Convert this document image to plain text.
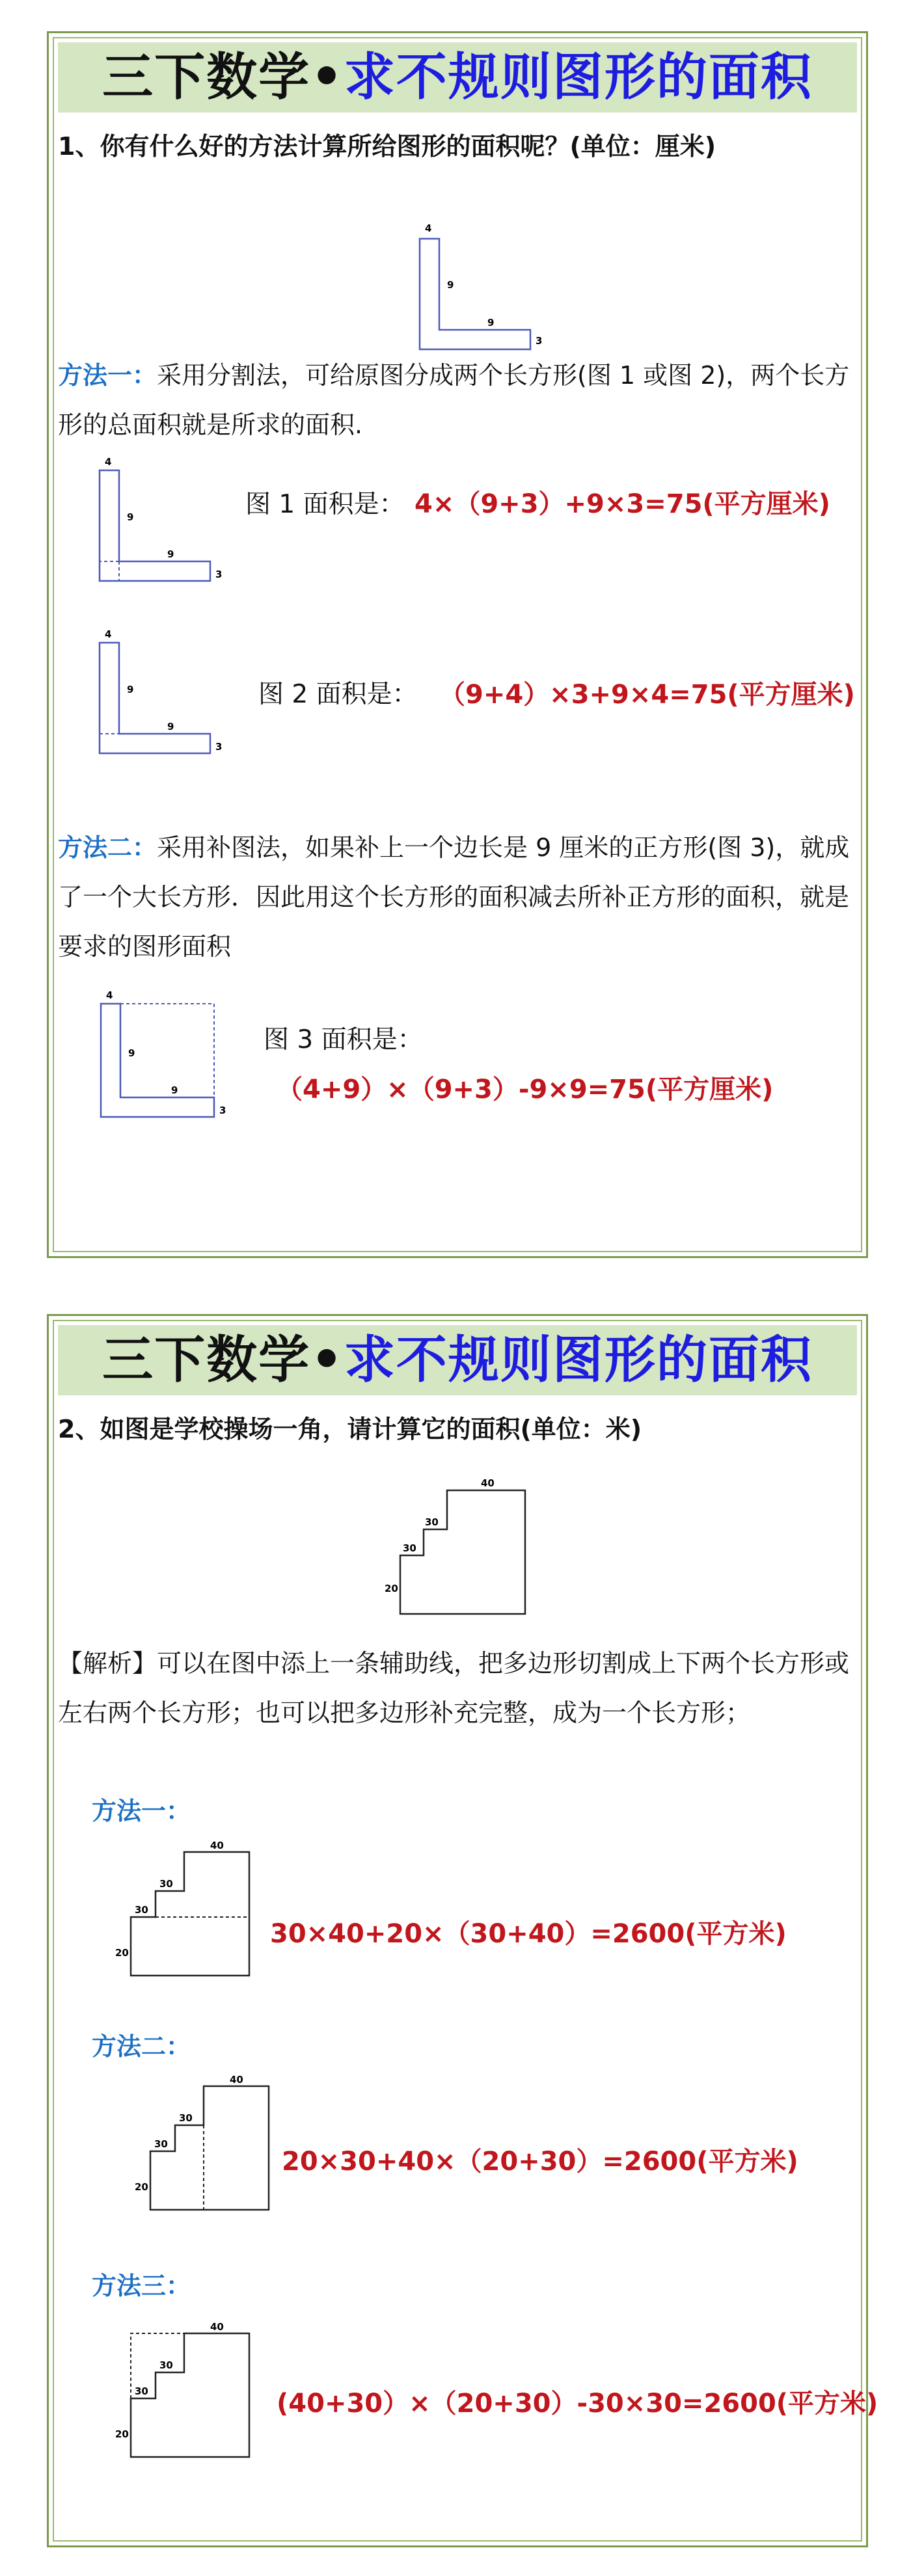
三下数学• 求不规则图形的面积
1、你有什么好的方法计算所给图形的面积呢？(单位：厘米)
4
9
9
3
方法一：采用分割法，可给原图分成两个长方形(图 1 或图 2)，两个长方形的总面积就是所求的面积.
4
9
9
3
图 1 面积是： 4×（9+3）+9×3=75(平方厘米)
4
9
9
3
图 2 面积是： （9+4）×3+9×4=75(平方厘米)
方法二：采用补图法，如果补上一个边长是 9 厘米的正方形(图 3)，就成了一个大长方形．因此用这个长方形的面积减去所补正方形的面积，就是要求的图形面积
4
9
9
3
图 3 面积是：
（4+9）×（9+3）-9×9=75(平方厘米)
三下数学• 求不规则图形的面积
2、如图是学校操场一角，请计算它的面积(单位：米)
40
30
30
20
【解析】可以在图中添上一条辅助线，把多边形切割成上下两个长方形或左右两个长方形；也可以把多边形补充完整，成为一个长方形；
方法一：
40
30
30
20
30×40+20×（30+40）=2600(平方米)
方法二：
40
30
30
20
20×30+40×（20+30）=2600(平方米)
方法三：
40
30
30
20
(40+30）×（20+30）-30×30=2600(平方米)
